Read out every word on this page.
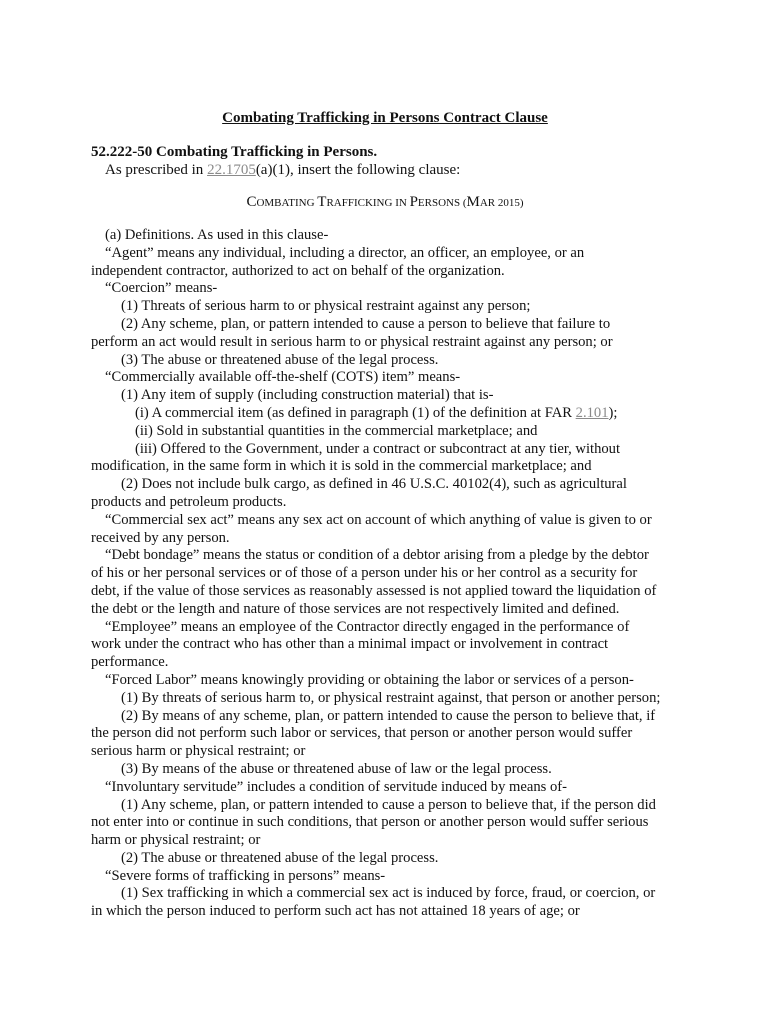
Combating Trafficking in Persons Contract Clause
52.222-50 Combating Trafficking in Persons.
As prescribed in 22.1705(a)(1), insert the following clause:
COMBATING TRAFFICKING IN PERSONS (MAR 2015)
(a) Definitions. As used in this clause-
“Agent” means any individual, including a director, an officer, an employee, or an
independent contractor, authorized to act on behalf of the organization.
“Coercion” means-
(1) Threats of serious harm to or physical restraint against any person;
(2) Any scheme, plan, or pattern intended to cause a person to believe that failure to
perform an act would result in serious harm to or physical restraint against any person; or
(3) The abuse or threatened abuse of the legal process.
“Commercially available off-the-shelf (COTS) item” means-
(1) Any item of supply (including construction material) that is-
(i) A commercial item (as defined in paragraph (1) of the definition at FAR 2.101);
(ii) Sold in substantial quantities in the commercial marketplace; and
(iii) Offered to the Government, under a contract or subcontract at any tier, without
modification, in the same form in which it is sold in the commercial marketplace; and
(2) Does not include bulk cargo, as defined in 46 U.S.C. 40102(4), such as agricultural
products and petroleum products.
“Commercial sex act” means any sex act on account of which anything of value is given to or
received by any person.
“Debt bondage” means the status or condition of a debtor arising from a pledge by the debtor
of his or her personal services or of those of a person under his or her control as a security for
debt, if the value of those services as reasonably assessed is not applied toward the liquidation of
the debt or the length and nature of those services are not respectively limited and defined.
“Employee” means an employee of the Contractor directly engaged in the performance of
work under the contract who has other than a minimal impact or involvement in contract
performance.
“Forced Labor” means knowingly providing or obtaining the labor or services of a person-
(1) By threats of serious harm to, or physical restraint against, that person or another person;
(2) By means of any scheme, plan, or pattern intended to cause the person to believe that, if
the person did not perform such labor or services, that person or another person would suffer
serious harm or physical restraint; or
(3) By means of the abuse or threatened abuse of law or the legal process.
“Involuntary servitude” includes a condition of servitude induced by means of-
(1) Any scheme, plan, or pattern intended to cause a person to believe that, if the person did
not enter into or continue in such conditions, that person or another person would suffer serious
harm or physical restraint; or
(2) The abuse or threatened abuse of the legal process.
“Severe forms of trafficking in persons” means-
(1) Sex trafficking in which a commercial sex act is induced by force, fraud, or coercion, or
in which the person induced to perform such act has not attained 18 years of age; or
